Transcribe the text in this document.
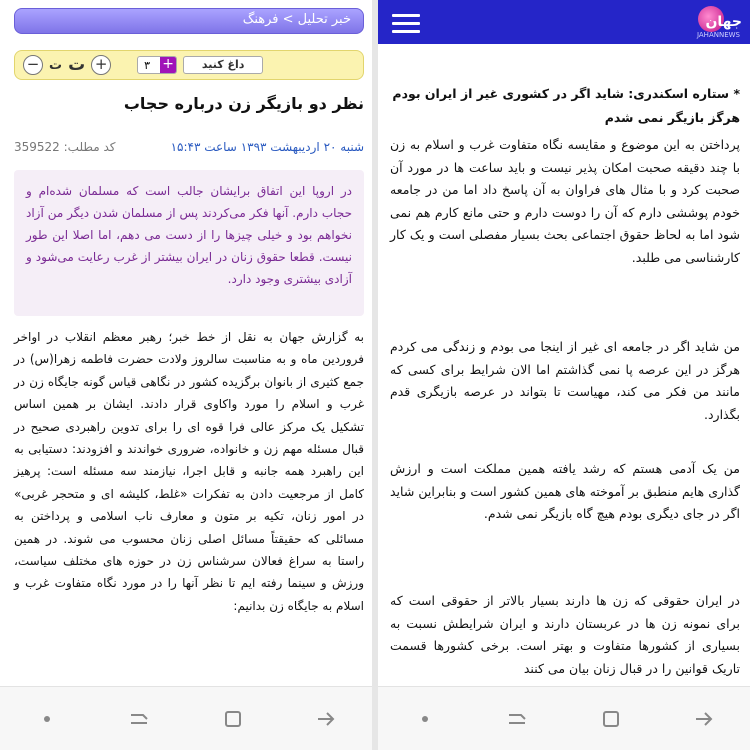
خبر تحلیل > فرهنگ
− ت ت +	۳ +	داغ کنید
نظر دو بازیگر زن درباره حجاب
شنبه ۲۰ اردیبهشت ۱۳۹۳ ساعت ۱۵:۴۳
کد مطلب: 359522
در اروپا این اتفاق برایشان جالب است که مسلمان شده‌ام و حجاب دارم. آنها فکر می‌کردند پس از مسلمان شدن دیگر من آزاد نخواهم بود و خیلی چیزها را از دست می دهم، اما اصلا این طور نیست. قطعا حقوق زنان در ایران بیشتر از غرب رعایت می‌شود و آزادی بیشتری وجود دارد.
به گزارش جهان به نقل از خط خبر؛ رهبر معظم انقلاب در اواخر فروردین ماه و به مناسبت سالروز ولادت حضرت فاطمه زهرا(س) در جمع کثیری از بانوان برگزیده کشور در نگاهی قیاس گونه جایگاه زن در غرب و اسلام را مورد واکاوی قرار دادند. ایشان بر همین اساس تشکیل یک مرکز عالی فرا قوه ای را برای تدوین راهبردی صحیح در قبال مسئله مهم زن و خانواده، ضروری خواندند و افزودند: دستیابی به این راهبرد همه جانبه و قابل اجرا، نیازمند سه مسئله است: پرهیز کامل از مرجعیت دادن به تفکرات «غلط، کلیشه ای و متحجر غربی» در امور زنان، تکیه بر متون و معارف ناب اسلامی و پرداختن به مسائلی که حقیقتاً مسائل اصلی زنان محسوب می شوند. در همین راستا به سراغ فعالان سرشناس زن در حوزه های مختلف سیاست، ورزش و سینما رفته ایم تا نظر آنها را در مورد نگاه متفاوت غرب و اسلام به جایگاه زن بدانیم:
جهان
JAHANNEWS
* ستاره اسکندری: شاید اگر در کشوری غیر از ایران بودم هرگز بازیگر نمی شدم
پرداختن به این موضوع و مقایسه نگاه متفاوت غرب و اسلام به زن با چند دقیقه صحبت امکان پذیر نیست و باید ساعت ها در مورد آن صحبت کرد و با مثال های فراوان به آن پاسخ داد اما من در جامعه خودم پوششی دارم که آن را دوست دارم و حتی مانع کارم هم نمی شود اما به لحاظ حقوق اجتماعی بحث بسیار مفصلی است و یک کار کارشناسی می طلبد.
من شاید اگر در جامعه ای غیر از اینجا می بودم و زندگی می کردم هرگز در این عرصه پا نمی گذاشتم اما الان شرایط برای کسی که مانند من فکر می کند، مهیاست تا بتواند در عرصه بازیگری قدم بگذارد.
من یک آدمی هستم که رشد یافته همین مملکت است و ارزش گذاری هایم منطبق بر آموخته های همین کشور است و بنابراین شاید اگر در جای دیگری بودم هیچ گاه بازیگر نمی شدم.
در ایران حقوقی که زن ها دارند بسیار بالاتر از حقوقی است که برای نمونه زن ها در عربستان دارند و ایران شرایطش نسبت به بسیاری از کشورها متفاوت و بهتر است. برخی کشورها قسمت تاریک قوانین را در قبال زنان بیان می کنند
